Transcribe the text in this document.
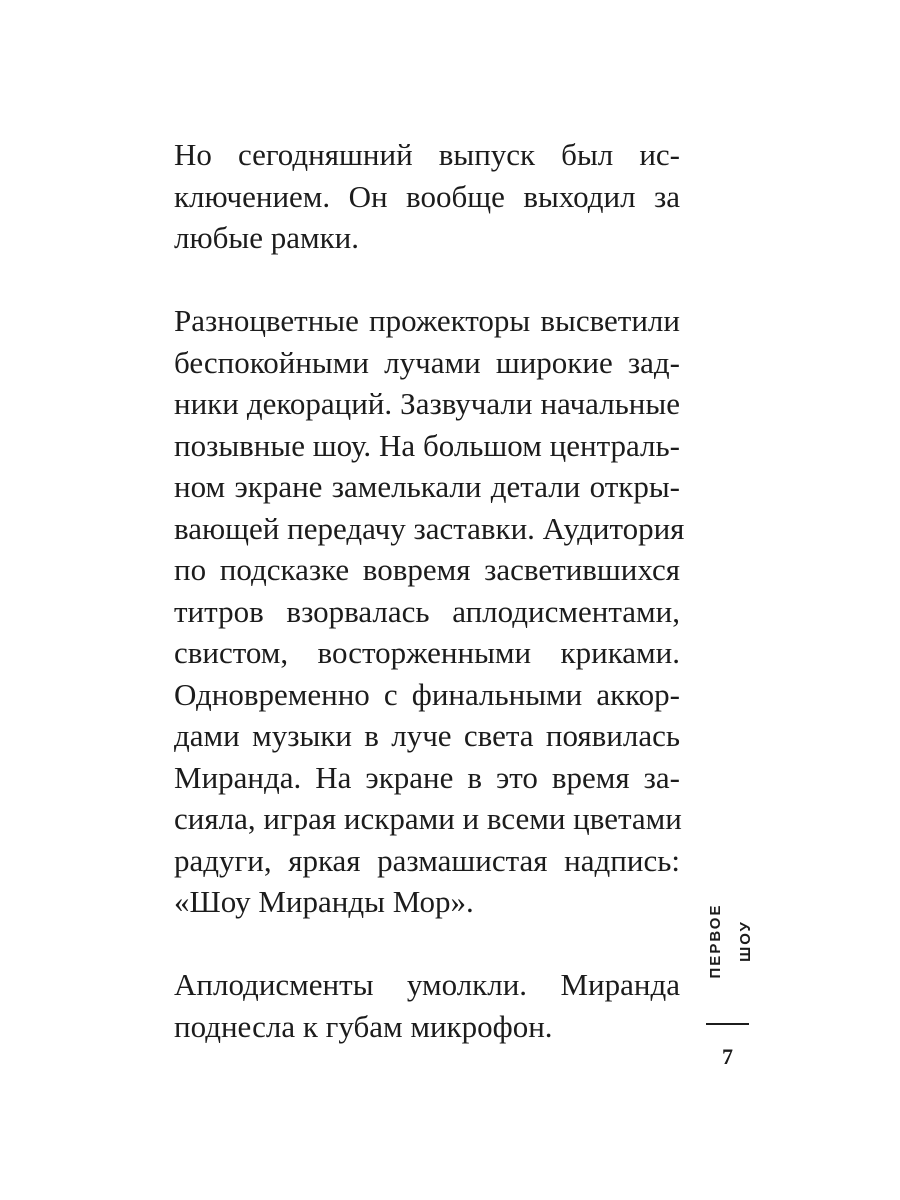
Но сегодняшний выпуск был ис-
ключением. Он вообще выходил за
любые рамки.

Разноцветные прожекторы высветили
беспокойными лучами широкие зад-
ники декораций. Зазвучали начальные
позывные шоу. На большом централь-
ном экране замелькали детали откры-
вающей передачу заставки. Аудитория
по подсказке вовремя засветившихся
титров взорвалась аплодисментами,
свистом, восторженными криками.
Одновременно с финальными аккор-
дами музыки в луче света появилась
Миранда. На экране в это время за-
сияла, играя искрами и всеми цветами
радуги, яркая размашистая надпись:
«Шоу Миранды Мор».

Аплодисменты умолкли. Миранда
поднесла к губам микрофон.

ПЕРВОЕ ШОУ
7
